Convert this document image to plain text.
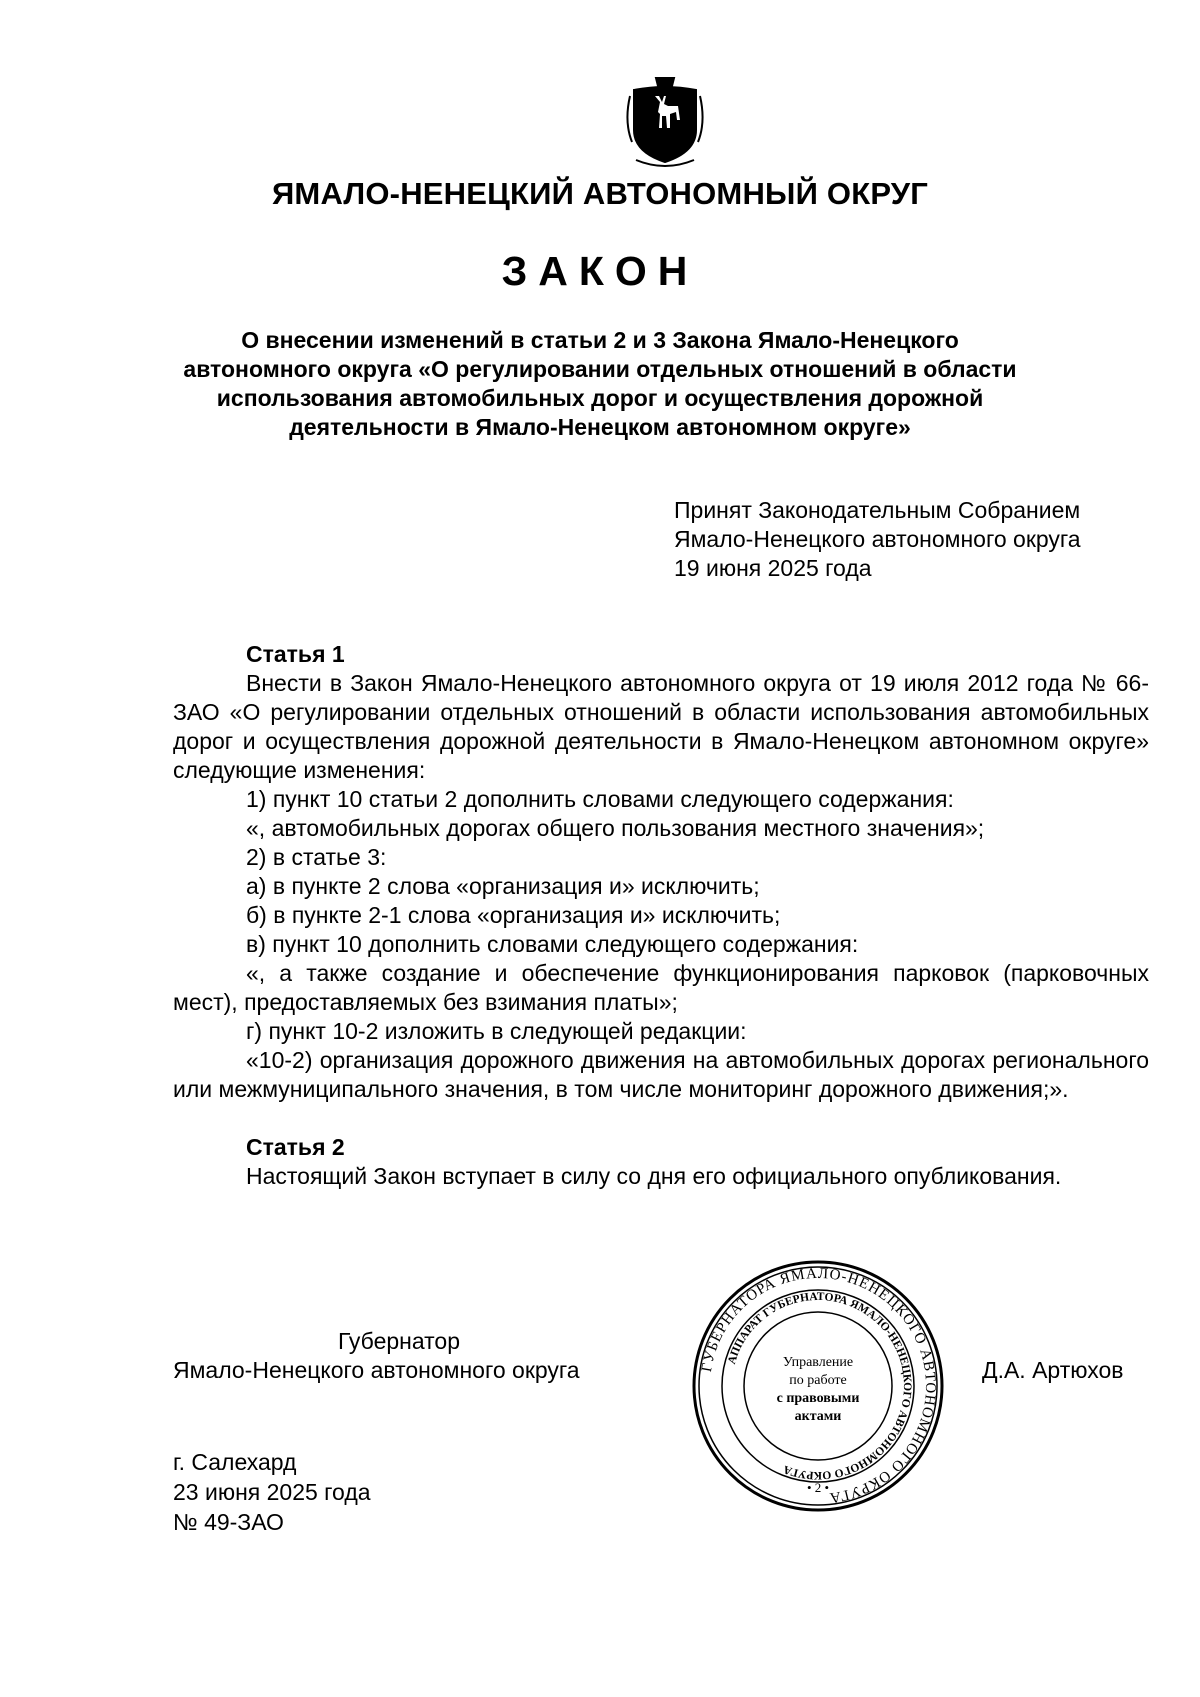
ЯМАЛО-НЕНЕЦКИЙ АВТОНОМНЫЙ ОКРУГ
ЗАКОН
О внесении изменений в статьи 2 и 3 Закона Ямало-Ненецкого
автономного округа «О регулировании отдельных отношений в области
использования автомобильных дорог и осуществления дорожной
деятельности в Ямало-Ненецком автономном округе»
Принят Законодательным Собранием
Ямало-Ненецкого автономного округа
19 июня 2025 года
Статья 1

Внести в Закон Ямало-Ненецкого автономного округа от 19 июля 2012 года № 66-ЗАО «О регулировании отдельных отношений в области использования автомобильных дорог и осуществления дорожной деятельности в Ямало-Ненецком автономном округе» следующие изменения:

1) пункт 10 статьи 2 дополнить словами следующего содержания:

«, автомобильных дорогах общего пользования местного значения»;

2) в статье 3:

а) в пункте 2 слова «организация и» исключить;

б) в пункте 2-1 слова «организация и» исключить;

в) пункт 10 дополнить словами следующего содержания:

«, а также создание и обеспечение функционирования парковок (парковочных мест), предоставляемых без взимания платы»;

г) пункт 10-2 изложить в следующей редакции:

«10-2) организация дорожного движения на автомобильных дорогах регионального или межмуниципального значения, в том числе мониторинг дорожного движения;».

Статья 2

Настоящий Закон вступает в силу со дня его официального опубликования.

Губернатор
Ямало-Ненецкого автономного округа	Д.А. Артюхов
ГУБЕРНАТОРА ЯМАЛО-НЕНЕЦКОГО АВТОНОМНОГО ОКРУГА
АППАРАТ ГУБЕРНАТОРА ЯМАЛО-НЕНЕЦКОГО АВТОНОМНОГО ОКРУГА
Управление
по работе
с правовыми
актами
• 2 •
г. Салехард
23 июня 2025 года
№ 49-ЗАО
